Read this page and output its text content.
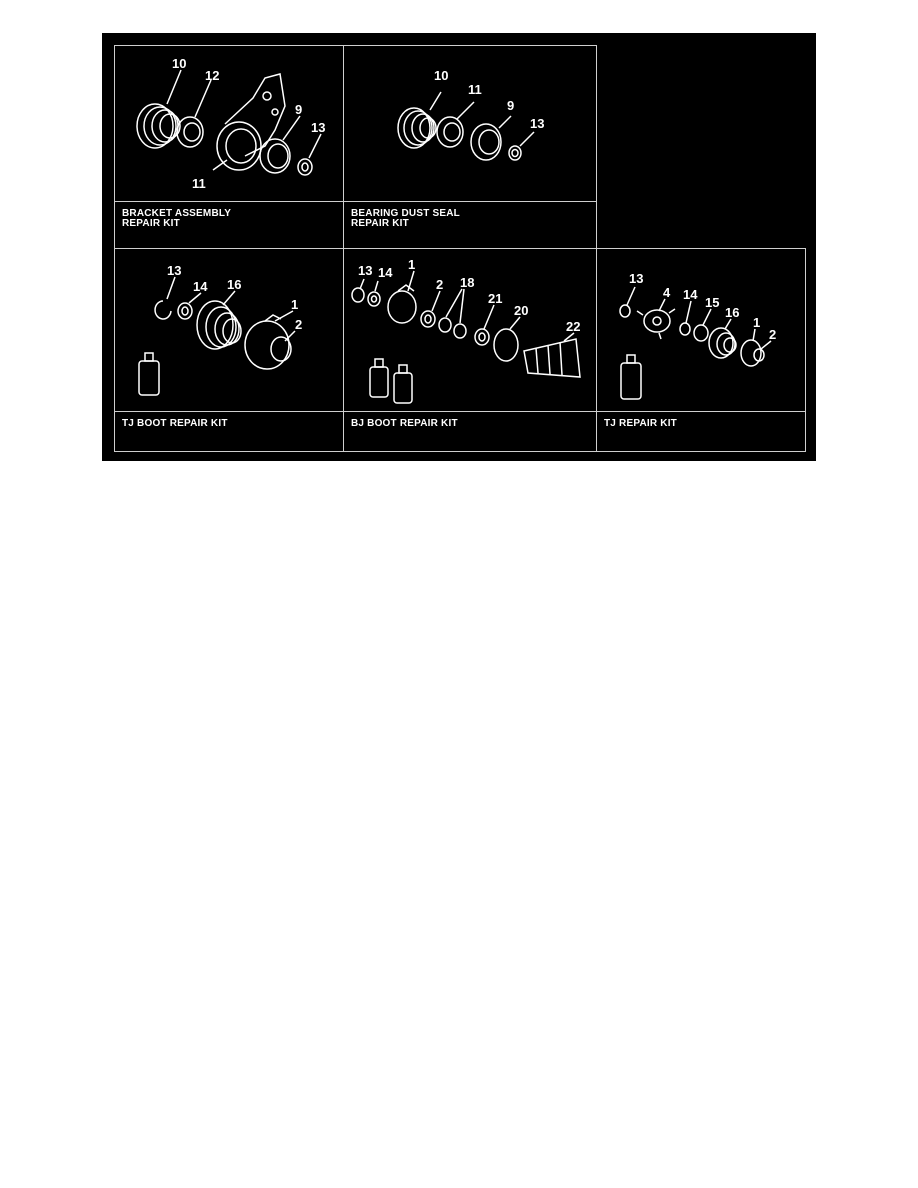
10
12
9
13
11
BRACKET ASSEMBLY
REPAIR KIT
10
11
9
13
BEARING DUST SEAL
REPAIR KIT
13
14 16
1
2
TJ BOOT REPAIR KIT
13 14
1
2 18
21
20
22
BJ BOOT REPAIR KIT
13
4 14
15
16
1
2
TJ REPAIR KIT
